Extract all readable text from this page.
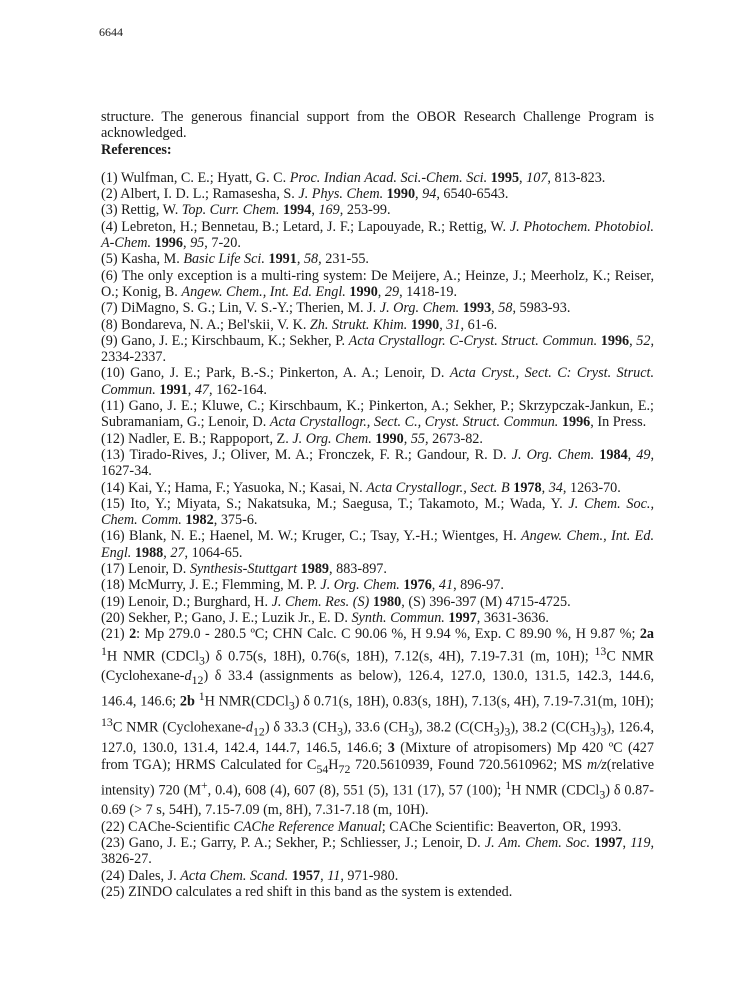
6644
structure. The generous financial support from the OBOR Research Challenge Program is acknowledged.
References:

(1) Wulfman, C. E.; Hyatt, G. C. Proc. Indian Acad. Sci.-Chem. Sci. 1995, 107, 813-823.

(2) Albert, I. D. L.; Ramasesha, S. J. Phys. Chem. 1990, 94, 6540-6543.

(3) Rettig, W. Top. Curr. Chem. 1994, 169, 253-99.

(4) Lebreton, H.; Bennetau, B.; Letard, J. F.; Lapouyade, R.; Rettig, W. J. Photochem. Photobiol. A-Chem. 1996, 95, 7-20.

(5) Kasha, M. Basic Life Sci. 1991, 58, 231-55.

(6) The only exception is a multi-ring system: De Meijere, A.; Heinze, J.; Meerholz, K.; Reiser, O.; Konig, B. Angew. Chem., Int. Ed. Engl. 1990, 29, 1418-19.

(7) DiMagno, S. G.; Lin, V. S.-Y.; Therien, M. J. J. Org. Chem. 1993, 58, 5983-93.

(8) Bondareva, N. A.; Bel'skii, V. K. Zh. Strukt. Khim. 1990, 31, 61-6.

(9) Gano, J. E.; Kirschbaum, K.; Sekher, P. Acta Crystallogr. C-Cryst. Struct. Commun. 1996, 52, 2334-2337.

(10) Gano, J. E.; Park, B.-S.; Pinkerton, A. A.; Lenoir, D. Acta Cryst., Sect. C: Cryst. Struct. Commun. 1991, 47, 162-164.

(11) Gano, J. E.; Kluwe, C.; Kirschbaum, K.; Pinkerton, A.; Sekher, P.; Skrzypczak-Jankun, E.; Subramaniam, G.; Lenoir, D. Acta Crystallogr., Sect. C., Cryst. Struct. Commun. 1996, In Press.

(12) Nadler, E. B.; Rappoport, Z. J. Org. Chem. 1990, 55, 2673-82.

(13) Tirado-Rives, J.; Oliver, M. A.; Fronczek, F. R.; Gandour, R. D. J. Org. Chem. 1984, 49, 1627-34.

(14) Kai, Y.; Hama, F.; Yasuoka, N.; Kasai, N. Acta Crystallogr., Sect. B 1978, 34, 1263-70.

(15) Ito, Y.; Miyata, S.; Nakatsuka, M.; Saegusa, T.; Takamoto, M.; Wada, Y. J. Chem. Soc., Chem. Comm. 1982, 375-6.

(16) Blank, N. E.; Haenel, M. W.; Kruger, C.; Tsay, Y.-H.; Wientges, H. Angew. Chem., Int. Ed. Engl. 1988, 27, 1064-65.

(17) Lenoir, D. Synthesis-Stuttgart 1989, 883-897.

(18) McMurry, J. E.; Flemming, M. P. J. Org. Chem. 1976, 41, 896-97.

(19) Lenoir, D.; Burghard, H. J. Chem. Res. (S) 1980, (S) 396-397 (M) 4715-4725.

(20) Sekher, P.; Gano, J. E.; Luzik Jr., E. D. Synth. Commun. 1997, 3631-3636.

(21) 2: Mp 279.0 - 280.5 ºC; CHN Calc. C 90.06 %, H 9.94 %, Exp. C 89.90 %, H 9.87 %; 2a $^1$H NMR (CDCl$_3$) δ 0.75(s, 18H), 0.76(s, 18H), 7.12(s, 4H), 7.19-7.31 (m, 10H); $^{13}$C NMR $(Cyclohexane-d_{12})$ δ 33.4 (assignments as below), 126.4, 127.0, 130.0, 131.5, 142.3, 144.6, 146.4, 146.6; 2b $^1$H NMR(CDCl$_3$) δ 0.71(s, 18H), 0.83(s, 18H), 7.13(s, 4H), 7.19-7.31(m, 10H); $^{13}$C NMR $(Cyclohexane-d_{12})$ δ 33.3 $(CH_3)$, 33.6 $(CH_3)$, 38.2 $(C(CH_3)_3)$, 38.2 $(C(CH_3)_3)$, 126.4, 127.0, 130.0, 131.4, 142.4, 144.7, 146.5, 146.6; 3 (Mixture of atropisomers) Mp 420 ºC (427 from TGA); HRMS Calculated for $C_{54}H_{72}$ 720.5610939, Found 720.5610962; MS m/z(relative intensity) 720 (M+, 0.4), 608 (4), 607 (8), 551 (5), 131 (17), 57 (100); $^1$H NMR (CDCl$_3$) δ 0.87-0.69 (> 7 s, 54H), 7.15-7.09 (m, 8H), 7.31-7.18 (m, 10H).

(22) CAChe-Scientific CAChe Reference Manual; CAChe Scientific: Beaverton, OR, 1993.

(23) Gano, J. E.; Garry, P. A.; Sekher, P.; Schliesser, J.; Lenoir, D. J. Am. Chem. Soc. 1997, 119, 3826-27.

(24) Dales, J. Acta Chem. Scand. 1957, 11, 971-980.

(25) ZINDO calculates a red shift in this band as the system is extended.
